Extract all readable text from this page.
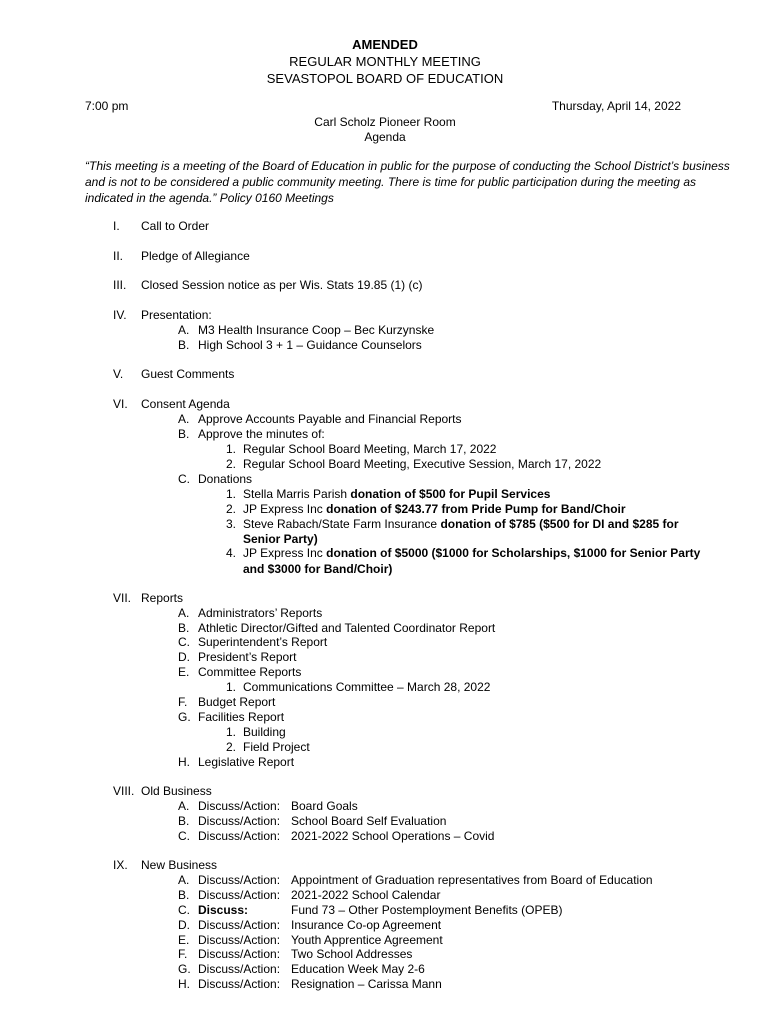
AMENDED
REGULAR MONTHLY MEETING
SEVASTOPOL BOARD OF EDUCATION
7:00 pm	Thursday, April 14, 2022
Carl Scholz Pioneer Room
Agenda
“This meeting is a meeting of the Board of Education in public for the purpose of conducting the School District’s business and is not to be considered a public community meeting. There is time for public participation during the meeting as indicated in the agenda.” Policy 0160 Meetings
I.	Call to Order
II.	Pledge of Allegiance
III.	Closed Session notice as per Wis. Stats 19.85 (1) (c)
IV.	Presentation:
A. M3 Health Insurance Coop – Bec Kurzynske
B. High School 3 + 1 – Guidance Counselors
V.	Guest Comments
VI.	Consent Agenda
A. Approve Accounts Payable and Financial Reports
B. Approve the minutes of:
1. Regular School Board Meeting, March 17, 2022
2. Regular School Board Meeting, Executive Session, March 17, 2022
C. Donations
1. Stella Marris Parish donation of $500 for Pupil Services
2. JP Express Inc donation of $243.77 from Pride Pump for Band/Choir
3. Steve Rabach/State Farm Insurance donation of $785 ($500 for DI and $285 for
Senior Party)
4. JP Express Inc donation of $5000 ($1000 for Scholarships, $1000 for Senior Party
and $3000 for Band/Choir)
VII. Reports
A. Administrators’ Reports
B. Athletic Director/Gifted and Talented Coordinator Report
C. Superintendent’s Report
D. President’s Report
E. Committee Reports
1. Communications Committee – March 28, 2022
F. Budget Report
G. Facilities Report
1. Building
2. Field Project
H. Legislative Report
VIII. Old Business
A. Discuss/Action: Board Goals
B. Discuss/Action: School Board Self Evaluation
C. Discuss/Action: 2021-2022 School Operations – Covid
IX.	New Business
A. Discuss/Action: Appointment of Graduation representatives from Board of Education
B. Discuss/Action: 2021-2022 School Calendar
C. Discuss:	Fund 73 – Other Postemployment Benefits (OPEB)
D. Discuss/Action: Insurance Co-op Agreement
E. Discuss/Action: Youth Apprentice Agreement
F. Discuss/Action: Two School Addresses
G. Discuss/Action: Education Week May 2-6
H. Discuss/Action: Resignation – Carissa Mann
